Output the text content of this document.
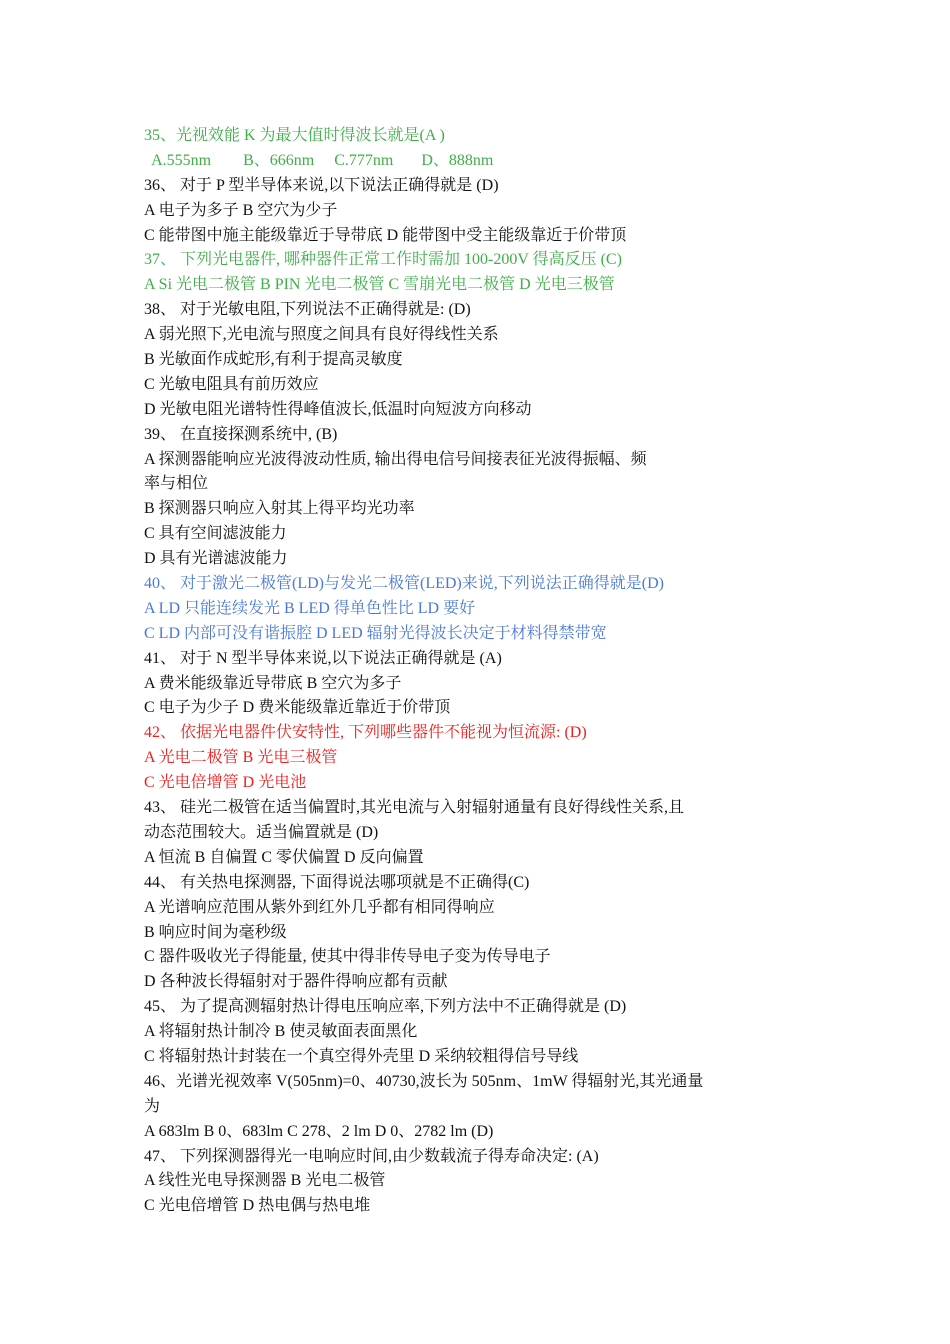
35、光视效能 K 为最大值时得波长就是(A )

A.555nm        B、666nm     C.777nm       D、888nm

36、 对于 P 型半导体来说,以下说法正确得就是 (D)

A 电子为多子 B 空穴为少子

C 能带图中施主能级靠近于导带底 D 能带图中受主能级靠近于价带顶

37、 下列光电器件, 哪种器件正常工作时需加 100-200V 得高反压 (C)

A Si 光电二极管 B PIN 光电二极管 C 雪崩光电二极管 D 光电三极管

38、 对于光敏电阻,下列说法不正确得就是: (D)

A 弱光照下,光电流与照度之间具有良好得线性关系

B 光敏面作成蛇形,有利于提高灵敏度

C 光敏电阻具有前历效应

D 光敏电阻光谱特性得峰值波长,低温时向短波方向移动

39、 在直接探测系统中, (B)

A 探测器能响应光波得波动性质, 输出得电信号间接表征光波得振幅、频

率与相位

B 探测器只响应入射其上得平均光功率

C 具有空间滤波能力

D 具有光谱滤波能力

40、 对于激光二极管(LD)与发光二极管(LED)来说,下列说法正确得就是(D)

A LD 只能连续发光 B LED 得单色性比 LD 要好

C LD 内部可没有谐振腔 D LED 辐射光得波长决定于材料得禁带宽

41、 对于 N 型半导体来说,以下说法正确得就是 (A)

A 费米能级靠近导带底 B 空穴为多子

C 电子为少子 D 费米能级靠近靠近于价带顶

42、 依据光电器件伏安特性, 下列哪些器件不能视为恒流源: (D)

A 光电二极管 B 光电三极管

C 光电倍增管 D 光电池

43、 硅光二极管在适当偏置时,其光电流与入射辐射通量有良好得线性关系,且

动态范围较大。适当偏置就是 (D)

A 恒流 B 自偏置 C 零伏偏置 D 反向偏置

44、 有关热电探测器, 下面得说法哪项就是不正确得(C)

A 光谱响应范围从紫外到红外几乎都有相同得响应

B 响应时间为毫秒级

C 器件吸收光子得能量, 使其中得非传导电子变为传导电子

D 各种波长得辐射对于器件得响应都有贡献

45、 为了提高测辐射热计得电压响应率,下列方法中不正确得就是 (D)

A 将辐射热计制冷 B 使灵敏面表面黑化

C 将辐射热计封装在一个真空得外壳里 D 采纳较粗得信号导线

46、光谱光视效率 V(505nm)=0、40730,波长为 505nm、1mW 得辐射光,其光通量

为

A 683lm B 0、683lm C 278、2 lm D 0、2782 lm (D)

47、 下列探测器得光一电响应时间,由少数载流子得寿命决定: (A)

A 线性光电导探测器 B 光电二极管

C 光电倍增管 D 热电偶与热电堆
